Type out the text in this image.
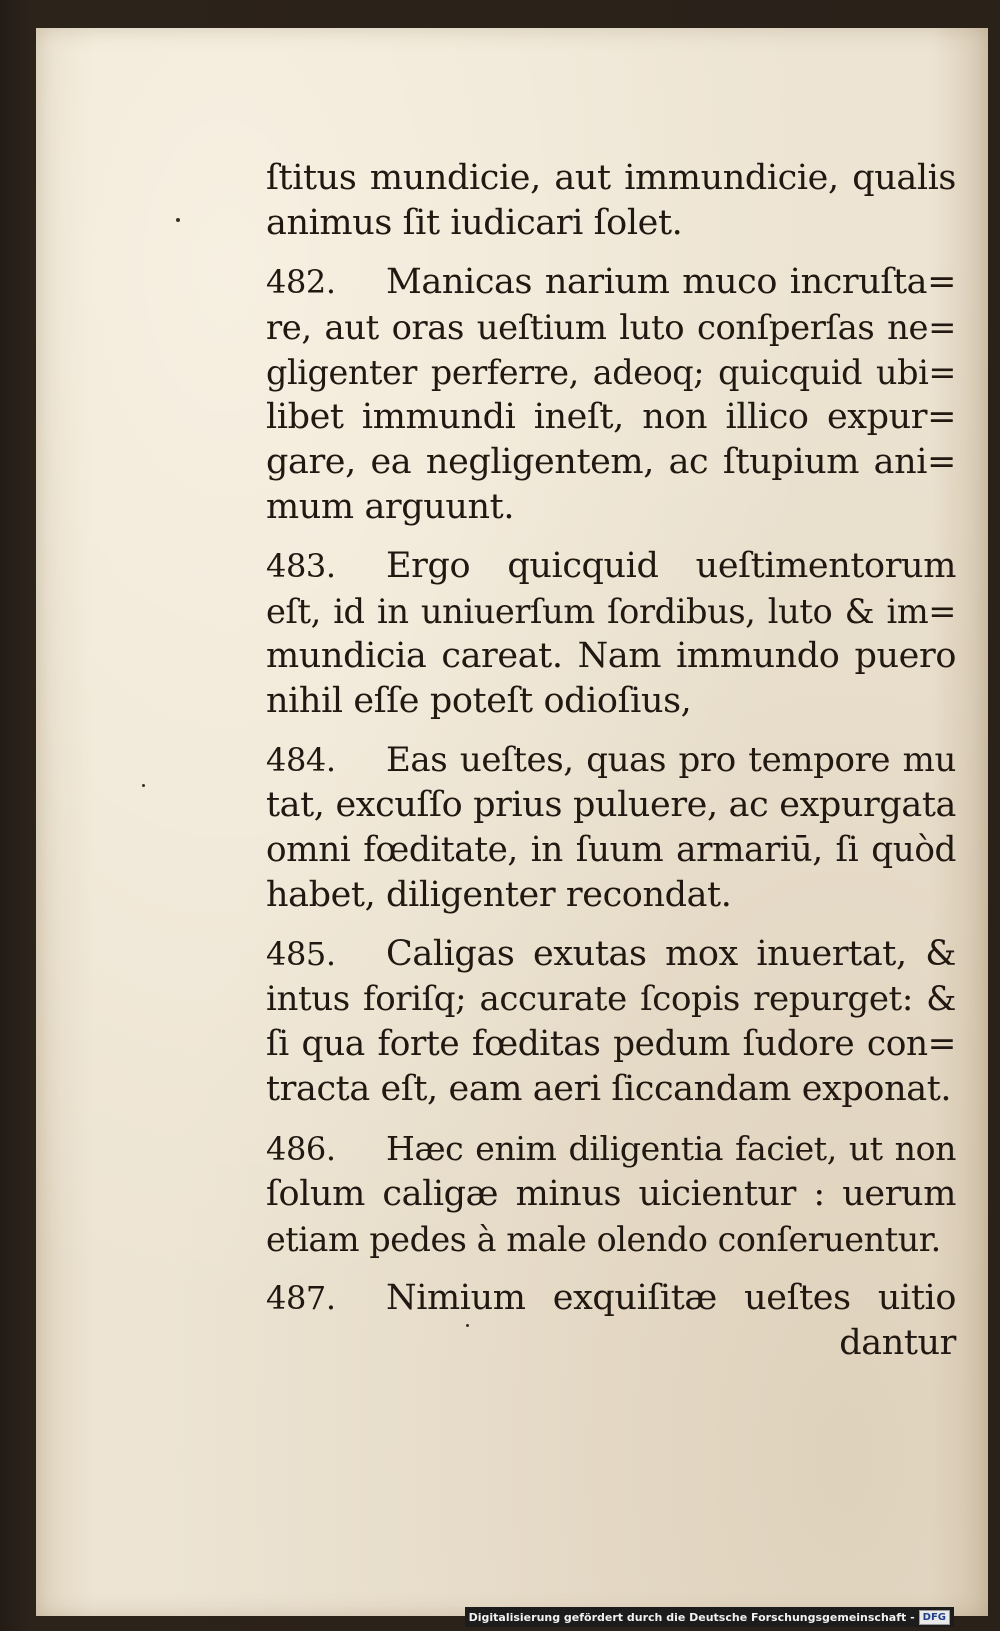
ſtitus mundicie, aut immundicie, qualis
animus ſit iudicari ſolet.
482. Manicas narium muco incruſta=
re, aut oras ueſtium luto conſperſas ne=
gligenter perferre, adeoq; quicquid ubi=
libet immundi ineſt, non illico expur=
gare, ea negligentem, ac ſtupium ani=
mum arguunt.
483. Ergo quicquid ueſtimentorum
eſt, id in uniuerſum ſordibus, luto & im=
mundicia careat. Nam immundo puero
nihil eſſe poteſt odioſius,
484. Eas ueſtes, quas pro tempore mu
tat, excuſſo prius puluere, ac expurgata
omni fœditate, in ſuum armariū, ſi quòd
habet, diligenter recondat.
485. Caligas exutas mox inuertat, &
intus foriſq; accurate ſcopis repurget: &
ſi qua forte fœditas pedum ſudore con=
tracta eſt, eam aeri ſiccandam exponat.
486. Hæc enim diligentia faciet, ut non
ſolum caligæ minus uicientur : uerum
etiam pedes à male olendo conſeruentur.
487. Nimium exquiſitæ ueſtes uitio
dantur
Digitalisierung gefördert durch die Deutsche Forschungsgemeinschaft - DFG
